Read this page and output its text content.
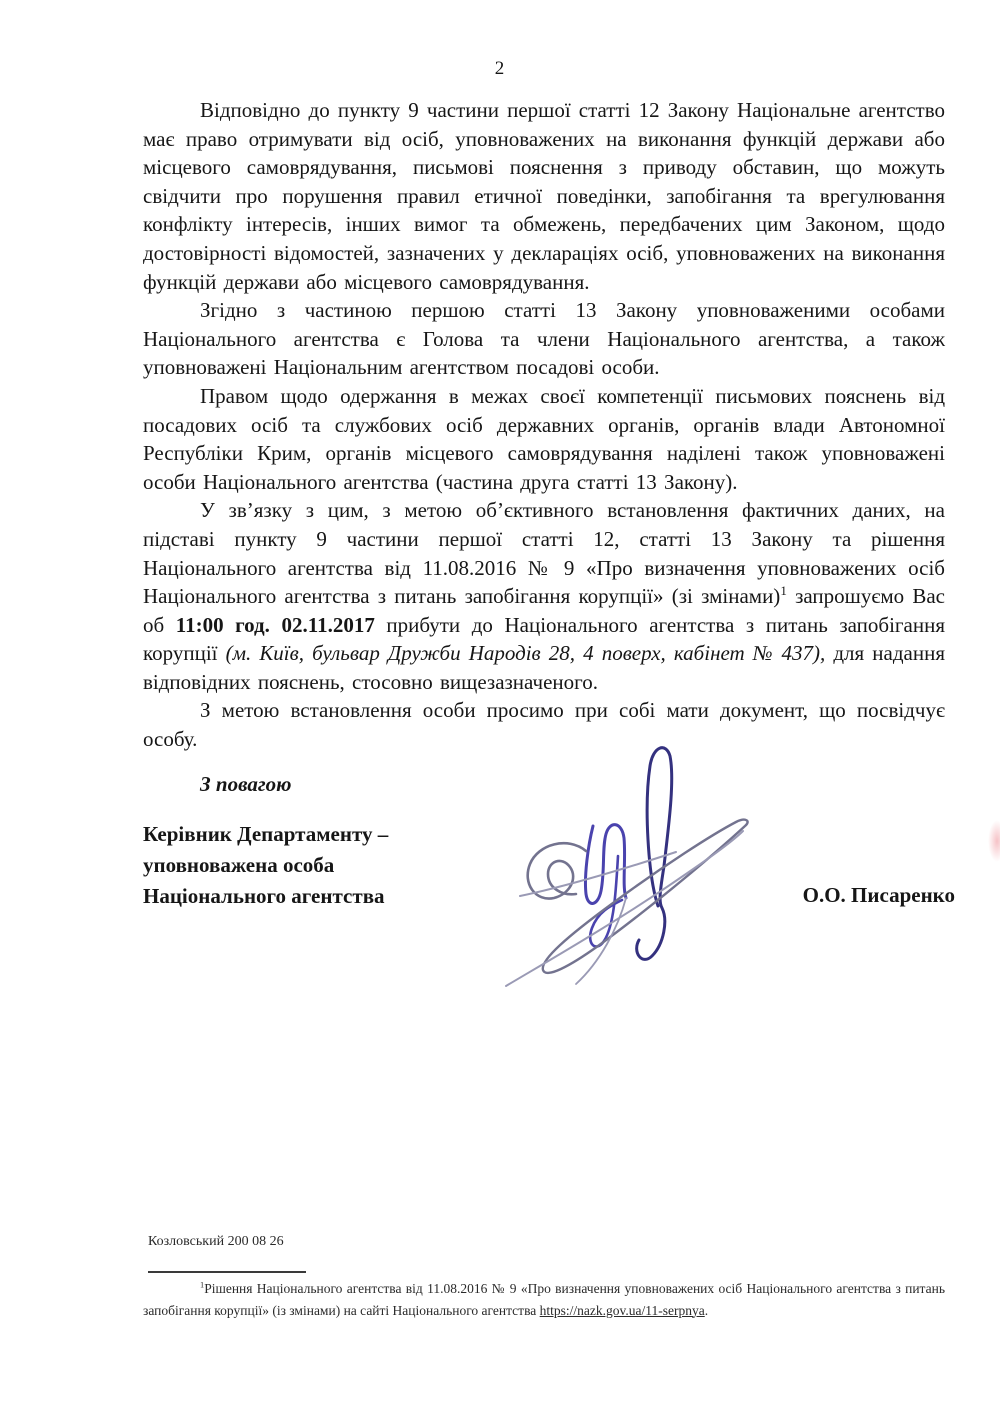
2

Відповідно до пункту 9 частини першої статті 12 Закону Національне агентство має право отримувати від осіб, уповноважених на виконання функцій держави або місцевого самоврядування, письмові пояснення з приводу обставин, що можуть свідчити про порушення правил етичної поведінки, запобігання та врегулювання конфлікту інтересів, інших вимог та обмежень, передбачених цим Законом, щодо достовірності відомостей, зазначених у деклараціях осіб, уповноважених на виконання функцій держави або місцевого самоврядування.

Згідно з частиною першою статті 13 Закону уповноваженими особами Національного агентства є Голова та члени Національного агентства, а також уповноважені Національним агентством посадові особи.

Правом щодо одержання в межах своєї компетенції письмових пояснень від посадових осіб та службових осіб державних органів, органів влади Автономної Республіки Крим, органів місцевого самоврядування наділені також уповноважені особи Національного агентства (частина друга статті 13 Закону).

У зв’язку з цим, з метою об’єктивного встановлення фактичних даних, на підставі пункту 9 частини першої статті 12, статті 13 Закону та рішення Національного агентства від 11.08.2016 № 9 «Про визначення уповноважених осіб Національного агентства з питань запобігання корупції» (зі змінами)$^1$ запрошуємо Вас об 11:00 год. 02.11.2017 прибути до Національного агентства з питань запобігання корупції (м. Київ, бульвар Дружби Народів 28, 4 поверх, кабінет № 437), для надання відповідних пояснень, стосовно вищезазначеного.

З метою встановлення особи просимо при собі мати документ, що посвідчує особу.

З повагою
Керівник Департаменту –
уповноважена особа
Національного агентства	О.О. Писаренко
Козловський 200 08 26
$^1$Рішення Національного агентства від 11.08.2016 № 9 «Про визначення уповноважених осіб Національного агентства з питань запобігання корупції» (із змінами) на сайті Національного агентства https://nazk.gov.ua/11-serpnya.
